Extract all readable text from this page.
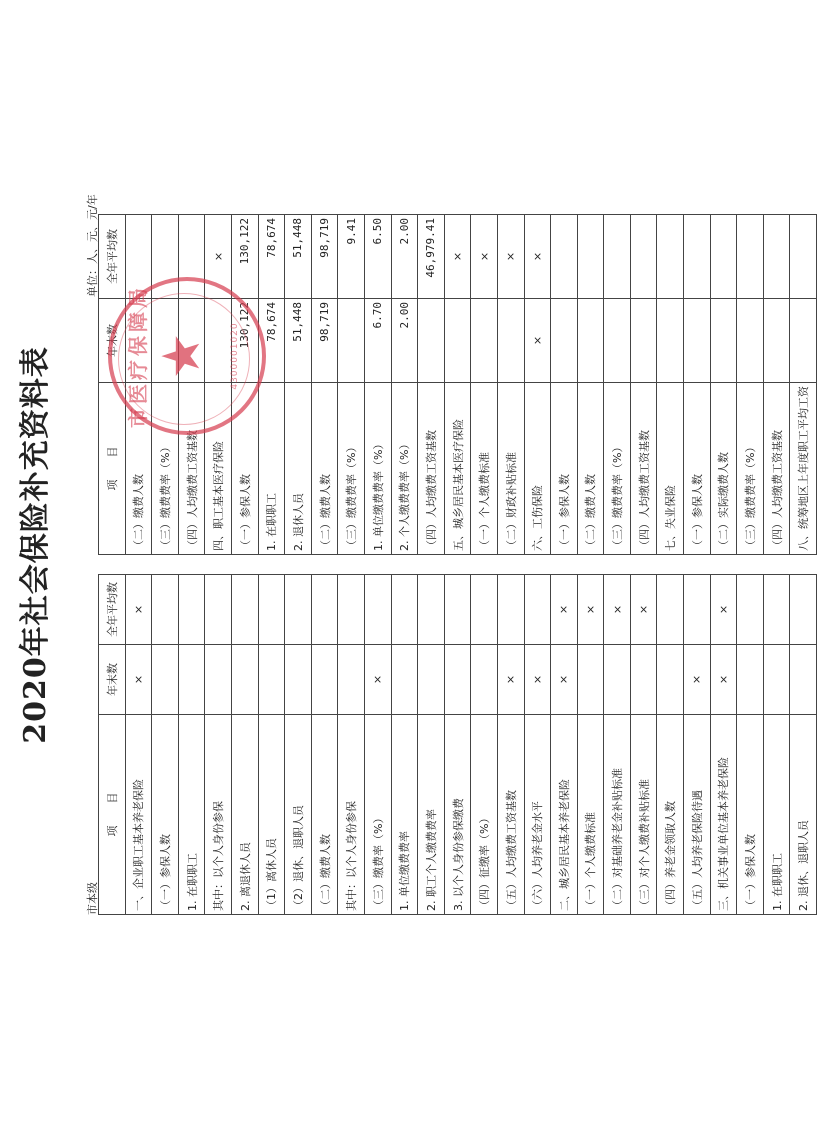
2020年社会保险补充资料表
市本级
单位：人、元、元/年
项　　目	年末数	全年平均数
一、企业职工基本养老保险	×	×
（一）参保人数		
1. 在职职工		
其中：以个人身份参保		
2. 离退休人员		
（1）离休人员		
（2）退休、退职人员		
（二）缴费人数		
其中：以个人身份参保		
（三）缴费率（%）	×	
1. 单位缴费费率		
2. 职工个人缴费费率		
3. 以个人身份参保缴费		
（四）征缴率（%）		
（五）人均缴费工资基数	×	
（六）人均养老金水平	×	
二、城乡居民基本养老保险	×	×
（一）个人缴费标准		×
（二）对基础养老金补贴标准		×
（三）对个人缴费补贴标准		×
（四）养老金领取人数		
（五）人均养老保险待遇	×	
三、机关事业单位基本养老保险	×	×
（一）参保人数		
1. 在职职工		
2. 退休、退职人员		
项　　目	年末数	全年平均数
（二）缴费人数		
（三）缴费费率（%）		
（四）人均缴费工资基数		
四、职工基本医疗保险		×
（一）参保人数	130,122	130,122
1. 在职职工	78,674	78,674
2. 退休人员	51,448	51,448
（二）缴费人数	98,719	98,719
（三）缴费费率（%）		9.41
1. 单位缴费费率（%）	6.70	6.50
2. 个人缴费费率（%）	2.00	2.00
（四）人均缴费工资基数		46,979.41
五、城乡居民基本医疗保险		×
（一）个人缴费标准		×
（二）财政补贴标准		×
六、工伤保险	×	×
（一）参保人数		
（二）缴费人数		
（三）缴费费率（%）		
（四）人均缴费工资基数		
七、失业保险		
（一）参保人数		
（二）实际缴费人数		
（三）缴费费率（%）		
（四）人均缴费工资基数		
八、统筹地区上年度职工平均工资		
市医疗保障局 ★ 4300001020
